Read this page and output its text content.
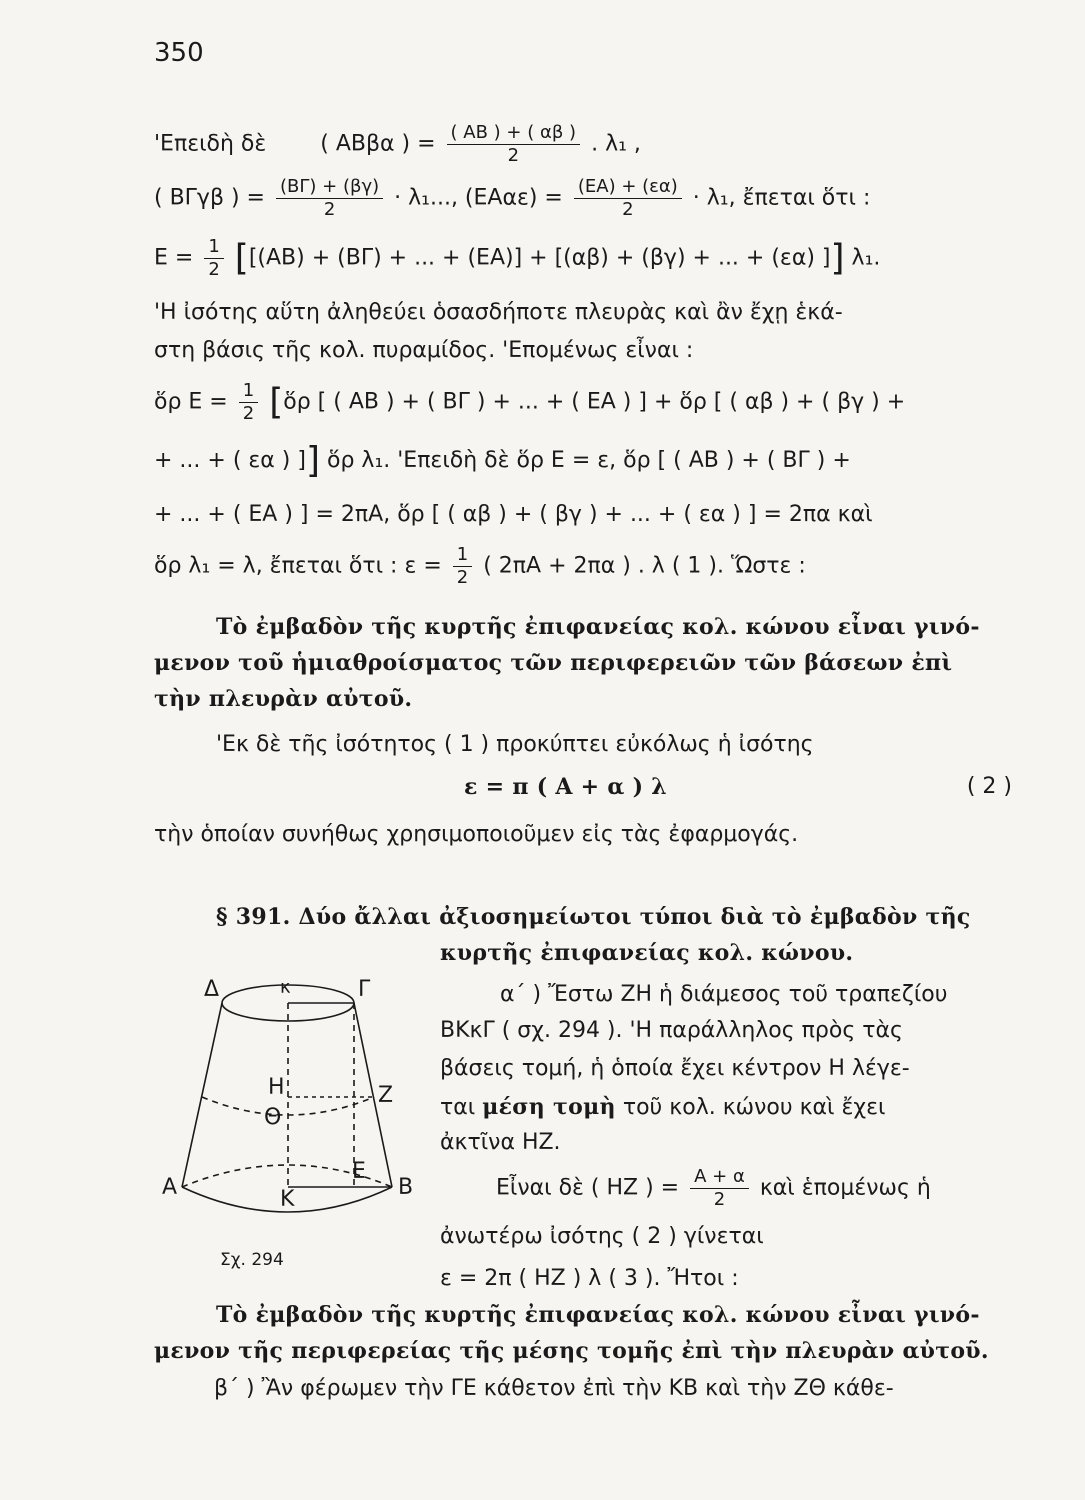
350
'Επειδὴ δὲ ( ΑΒβα ) = $\frac{( AB ) + ( \alpha\beta )}{2}$ . λ₁ ,
( ΒΓγβ ) = $\frac{(B\Gamma) + (\beta\gamma)}{2} \cdot \lambda_1$..., $(EA\alpha\varepsilon) = \frac{(EA) + (\varepsilon\alpha)}{2} \cdot \lambda_1$, ἔπεται ὅτι :
$E = \frac{1}{2} [[(AB) + (B\Gamma)$ + ... + (ΕΑ)] + [(αβ) + (βγ) + ... + (εα) ]] λ₁.
'Η ἰσότης αὕτη ἀληθεύει ὁσασδήποτε πλευρὰς καὶ ἂν ἔχῃ ἑκά-
στη βάσις τῆς κολ. πυραμίδος. 'Επομένως εἶναι :
ὅρ $E = \frac{1}{2}$ [ὅρ [ ( ΑΒ ) + ( ΒΓ ) + ... + ( ΕΑ ) ] + ὅρ [ ( αβ ) + ( βγ ) +
+ ... + ( εα ) ]] ὅρ λ₁. 'Επειδὴ δὲ ὅρ Ε = ε, ὅρ [ ( ΑΒ ) + ( ΒΓ ) +
+ ... + ( ΕΑ ) ] = 2πΑ, ὅρ [ ( αβ ) + ( βγ ) + ... + ( εα ) ] = 2πα καὶ
ὅρ λ₁ = λ, ἔπεται ὅτι : $\varepsilon = \frac{1}{2}$ ( 2πΑ + 2πα ) . λ ( 1 ). Ὥστε :
Τὸ ἐμβαδὸν τῆς κυρτῆς ἐπιφανείας κολ. κώνου εἶναι γινό-
μενον τοῦ ἡμιαθροίσματος τῶν περιφερειῶν τῶν βάσεων ἐπὶ
τὴν πλευρὰν αὐτοῦ.
'Εκ δὲ τῆς ἰσότητος ( 1 ) προκύπτει εὐκόλως ἡ ἰσότης
ε = π ( Α + α ) λ	( 2 )
τὴν ὁποίαν συνήθως χρησιμοποιοῦμεν εἰς τὰς ἐφαρμογάς.
§ 391. Δύο ἄλλαι ἀξιοσημείωτοι τύποι διὰ τὸ ἐμβαδὸν τῆς
κυρτῆς ἐπιφανείας κολ. κώνου.
α΄ ) Ἔστω ΖΗ ἡ διάμεσος τοῦ τραπεζίου
ΒΚκΓ ( σχ. 294 ). 'Η παράλληλος πρὸς τὰς
βάσεις τομή, ἡ ὁποία ἔχει κέντρον Η λέγε-
ται μέση τομὴ τοῦ κολ. κώνου καὶ ἔχει
ἀκτῖνα ΗΖ.
Εἶναι δὲ ( ΗΖ ) = $\frac{A + \alpha}{2}$ καὶ ἑπομένως ἡ
ἀνωτέρω ἰσότης ( 2 ) γίνεται
ε = 2π ( ΗΖ ) λ ( 3 ). Ἤτοι :
Δ	κ	Γ
Η	Ζ
Θ
Ε
Α	Κ	Β
Σχ. 294
Τὸ ἐμβαδὸν τῆς κυρτῆς ἐπιφανείας κολ. κώνου εἶναι γινό-
μενον τῆς περιφερείας τῆς μέσης τομῆς ἐπὶ τὴν πλευρὰν αὐτοῦ.
β΄ ) Ἂν φέρωμεν τὴν ΓΕ κάθετον ἐπὶ τὴν ΚΒ καὶ τὴν ΖΘ κάθε-
